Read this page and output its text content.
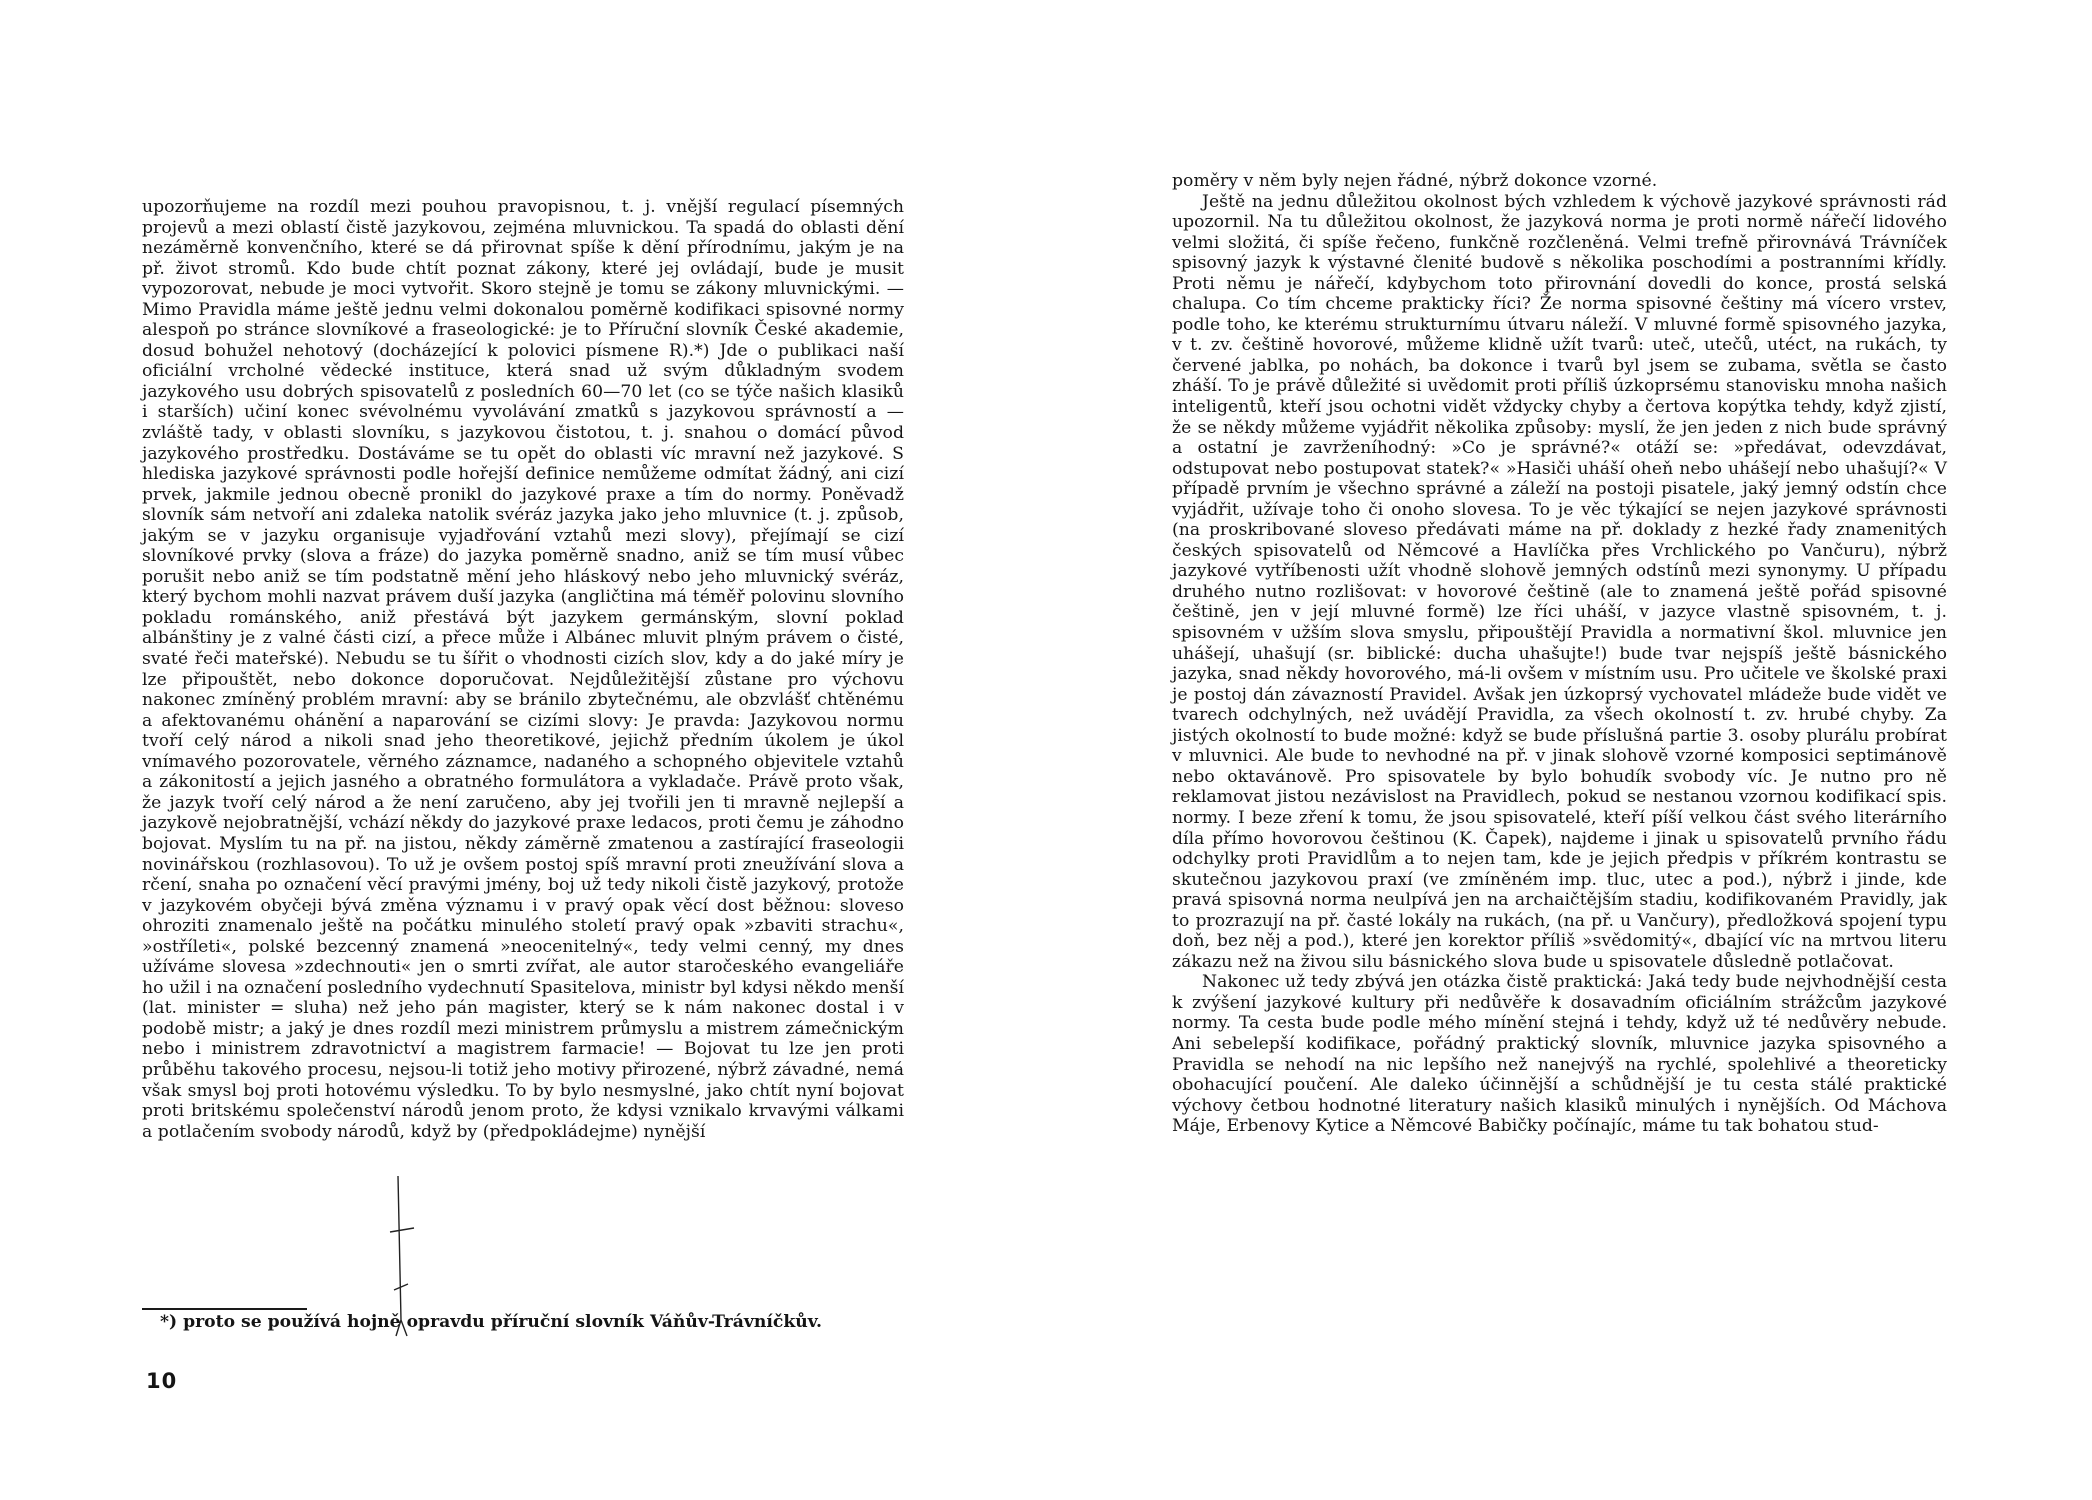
upozorňujeme na rozdíl mezi pouhou pravopisnou, t. j. vnější regulací písemných projevů a mezi oblastí čistě jazykovou, zejména mluvnickou. Ta spadá do oblasti dění nezáměrně konvenčního, které se dá přirovnat spíše k dění přírodnímu, jakým je na př. život stromů. Kdo bude chtít poznat zákony, které jej ovládají, bude je musit vypozorovat, nebude je moci vytvořit. Skoro stejně je tomu se zákony mluvnickými. — Mimo Pravidla máme ještě jednu velmi dokonalou poměrně kodifikaci spisovné normy alespoň po stránce slovníkové a fraseologické: je to Příruční slovník České akademie, dosud bohužel nehotový (docházející k polovici písmene R).*) Jde o publikaci naší oficiální vrcholné vědecké instituce, která snad už svým důkladným svodem jazykového usu dobrých spisovatelů z posledních 60—70 let (co se týče našich klasiků i starších) učiní konec svévolnému vyvolávání zmatků s jazykovou správností a — zvláště tady, v oblasti slovníku, s jazykovou čistotou, t. j. snahou o domácí původ jazykového prostředku. Dostáváme se tu opět do oblasti víc mravní než jazykové. S hlediska jazykové správnosti podle hořejší definice nemůžeme odmítat žádný, ani cizí prvek, jakmile jednou obecně pronikl do jazykové praxe a tím do normy. Poněvadž slovník sám netvoří ani zdaleka natolik svéráz jazyka jako jeho mluvnice (t. j. způsob, jakým se v jazyku organisuje vyjadřování vztahů mezi slovy), přejímají se cizí slovníkové prvky (slova a fráze) do jazyka poměrně snadno, aniž se tím musí vůbec porušit nebo aniž se tím podstatně mění jeho hláskový nebo jeho mluvnický svéráz, který bychom mohli nazvat právem duší jazyka (angličtina má téměř polovinu slovního pokladu románského, aniž přestává být jazykem germánským, slovní poklad albánštiny je z valné části cizí, a přece může i Albánec mluvit plným právem o čisté, svaté řeči mateřské). Nebudu se tu šířit o vhodnosti cizích slov, kdy a do jaké míry je lze připouštět, nebo dokonce doporučovat. Nejdůležitější zůstane pro výchovu nakonec zmíněný problém mravní: aby se bránilo zbytečnému, ale obzvlášť chtěnému a afektovanému ohánění a naparování se cizími slovy: Je pravda: Jazykovou normu tvoří celý národ a nikoli snad jeho theoretikové, jejichž předním úkolem je úkol vnímavého pozorovatele, věrného záznamce, nadaného a schopného objevitele vztahů a zákonitostí a jejich jasného a obratného formulátora a vykladače. Právě proto však, že jazyk tvoří celý národ a že není zaručeno, aby jej tvořili jen ti mravně nejlepší a jazykově nejobratnější, vchází někdy do jazykové praxe ledacos, proti čemu je záhodno bojovat. Myslím tu na př. na jistou, někdy záměrně zmatenou a zastírající fraseologii novinářskou (rozhlasovou). To už je ovšem postoj spíš mravní proti zneužívání slova a rčení, snaha po označení věcí pravými jmény, boj už tedy nikoli čistě jazykový, protože v jazykovém obyčeji bývá změna významu i v pravý opak věcí dost běžnou: sloveso ohroziti znamenalo ještě na počátku minulého století pravý opak »zbaviti strachu«, »ostříleti«, polské bezcenný znamená »neocenitelný«, tedy velmi cenný, my dnes užíváme slovesa »zdechnouti« jen o smrti zvířat, ale autor staročeského evangeliáře ho užil i na označení posledního vydechnutí Spasitelova, ministr byl kdysi někdo menší (lat. minister = sluha) než jeho pán magister, který se k nám nakonec dostal i v podobě mistr; a jaký je dnes rozdíl mezi ministrem průmyslu a mistrem zámečnickým nebo i ministrem zdravotnictví a magistrem farmacie! — Bojovat tu lze jen proti průběhu takového procesu, nejsou-li totiž jeho motivy přirozené, nýbrž závadné, nemá však smysl boj proti hotovému výsledku. To by bylo nesmyslné, jako chtít nyní bojovat proti britskému společenství národů jenom proto, že kdysi vznikalo krvavými válkami a potlačením svobody národů, když by (předpokládejme) nynější

*) proto se používá hojně opravdu příruční slovník Váňův-Trávníčkův.
10

poměry v něm byly nejen řádné, nýbrž dokonce vzorné.

Ještě na jednu důležitou okolnost bých vzhledem k výchově jazykové správnosti rád upozornil. Na tu důležitou okolnost, že jazyková norma je proti normě nářečí lidového velmi složitá, či spíše řečeno, funkčně rozčleněná. Velmi trefně přirovnává Trávníček spisovný jazyk k výstavné členité budově s několika poschodími a postranními křídly. Proti němu je nářečí, kdybychom toto přirovnání dovedli do konce, prostá selská chalupa. Co tím chceme prakticky říci? Že norma spisovné češtiny má vícero vrstev, podle toho, ke kterému strukturnímu útvaru náleží. V mluvné formě spisovného jazyka, v t. zv. češtině hovorové, můžeme klidně užít tvarů: uteč, utečů, utéct, na rukách, ty červené jablka, po nohách, ba dokonce i tvarů byl jsem se zubama, světla se často zháší. To je právě důležité si uvědomit proti příliš úzkoprsému stanovisku mnoha našich inteligentů, kteří jsou ochotni vidět vždycky chyby a čertova kopýtka tehdy, když zjistí, že se někdy můžeme vyjádřit několika způsoby: myslí, že jen jeden z nich bude správný a ostatní je zavrženíhodný: »Co je správné?« otáží se: »předávat, odevzdávat, odstupovat nebo postupovat statek?« »Hasiči uháší oheň nebo uhášejí nebo uhašují?« V případě prvním je všechno správné a záleží na postoji pisatele, jaký jemný odstín chce vyjádřit, užívaje toho či onoho slovesa. To je věc týkající se nejen jazykové správnosti (na proskribované sloveso předávati máme na př. doklady z hezké řady znamenitých českých spisovatelů od Němcové a Havlíčka přes Vrchlického po Vančuru), nýbrž jazykové vytříbenosti užít vhodně slohově jemných odstínů mezi synonymy. U případu druhého nutno rozlišovat: v hovorové češtině (ale to znamená ještě pořád spisovné češtině, jen v její mluvné formě) lze říci uháší, v jazyce vlastně spisovném, t. j. spisovném v užším slova smyslu, připouštějí Pravidla a normativní škol. mluvnice jen uhášejí, uhašují (sr. biblické: ducha uhašujte!) bude tvar nejspíš ještě básnického jazyka, snad někdy hovorového, má-li ovšem v místním usu. Pro učitele ve školské praxi je postoj dán závazností Pravidel. Avšak jen úzkoprsý vychovatel mládeže bude vidět ve tvarech odchylných, než uvádějí Pravidla, za všech okolností t. zv. hrubé chyby. Za jistých okolností to bude možné: když se bude příslušná partie 3. osoby plurálu probírat v mluvnici. Ale bude to nevhodné na př. v jinak slohově vzorné komposici septimánově nebo oktavánově. Pro spisovatele by bylo bohudík svobody víc. Je nutno pro ně reklamovat jistou nezávislost na Pravidlech, pokud se nestanou vzornou kodifikací spis. normy. I beze zření k tomu, že jsou spisovatelé, kteří píší velkou část svého literárního díla přímo hovorovou češtinou (K. Čapek), najdeme i jinak u spisovatelů prvního řádu odchylky proti Pravidlům a to nejen tam, kde je jejich předpis v příkrém kontrastu se skutečnou jazykovou praxí (ve zmíněném imp. tluc, utec a pod.), nýbrž i jinde, kde pravá spisovná norma neulpívá jen na archaičtějším stadiu, kodifikovaném Pravidly, jak to prozrazují na př. časté lokály na rukách, (na př. u Vančury), předložková spojení typu doň, bez něj a pod.), které jen korektor příliš »svědomitý«, dbající víc na mrtvou literu zákazu než na živou silu básnického slova bude u spisovatele důsledně potlačovat.

Nakonec už tedy zbývá jen otázka čistě praktická: Jaká tedy bude nejvhodnější cesta k zvýšení jazykové kultury při nedůvěře k dosavadním oficiálním strážcům jazykové normy. Ta cesta bude podle mého mínění stejná i tehdy, když už té nedůvěry nebude. Ani sebelepší kodifikace, pořádný praktický slovník, mluvnice jazyka spisovného a Pravidla se nehodí na nic lepšího než nanejvýš na rychlé, spolehlivé a theoreticky obohacující poučení. Ale daleko účinnější a schůdnější je tu cesta stálé praktické výchovy četbou hodnotné literatury našich klasiků minulých i nynějších. Od Máchova Máje, Erbenovy Kytice a Němcové Babičky počínajíc, máme tu tak bohatou stud-
